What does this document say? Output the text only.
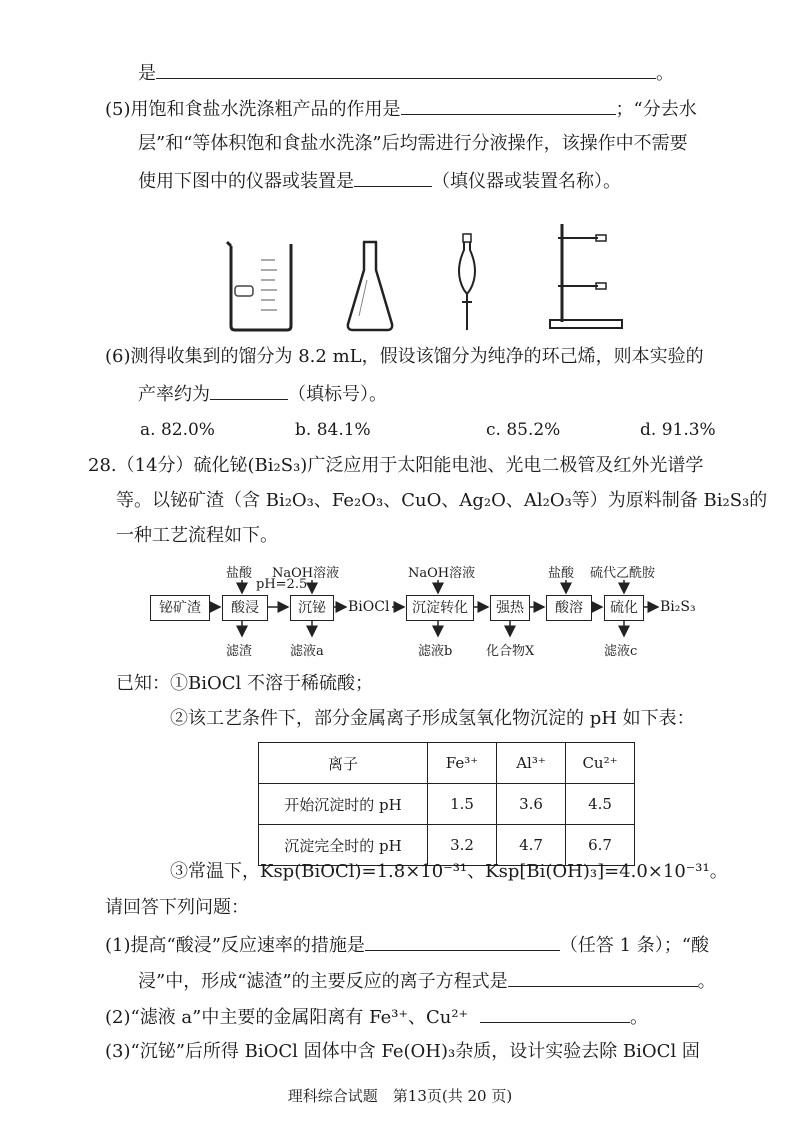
是	。
(5)用饱和食盐水洗涤粗产品的作用是	；“分去水
层”和“等体积饱和食盐水洗涤”后均需进行分液操作，该操作中不需要
使用下图中的仪器或装置是	（填仪器或装置名称）。
(6)测得收集到的馏分为 8.2 mL，假设该馏分为纯净的环己烯，则本实验的
产率约为	（填标号）。
a. 82.0%	b. 84.1%	c. 85.2%	d. 91.3%
28.（14分）硫化铋(Bi₂S₃)广泛应用于太阳能电池、光电二极管及红外光谱学
等。以铋矿渣（含 Bi₂O₃、Fe₂O₃、CuO、Ag₂O、Al₂O₃等）为原料制备 Bi₂S₃的
一种工艺流程如下。
铋矿渣	酸浸	沉铋	BiOCl	沉淀转化	强热	酸溶	硫化	Bi₂S₃
盐酸 NaOH溶液
pH=2.5
NaOH溶液	盐酸 硫代乙酰胺
滤渣	滤液a	滤液b	化合物X	滤液c
已知：①BiOCl 不溶于稀硫酸；
②该工艺条件下，部分金属离子形成氢氧化物沉淀的 pH 如下表：
离子	Fe³⁺	Al³⁺	Cu²⁺
开始沉淀时的 pH	1.5	3.6	4.5
沉淀完全时的 pH	3.2	4.7	6.7
③常温下，Ksp(BiOCl)=1.8×10⁻³¹、Ksp[Bi(OH)₃]=4.0×10⁻³¹。
请回答下列问题：
(1)提高“酸浸”反应速率的措施是	（任答 1 条）；“酸
浸”中，形成“滤渣”的主要反应的离子方程式是	。
(2)“滤液 a”中主要的金属阳离有 Fe³⁺、Cu²⁺	。
(3)“沉铋”后所得 BiOCl 固体中含 Fe(OH)₃杂质，设计实验去除 BiOCl 固
理科综合试题　第13页(共 20 页)
